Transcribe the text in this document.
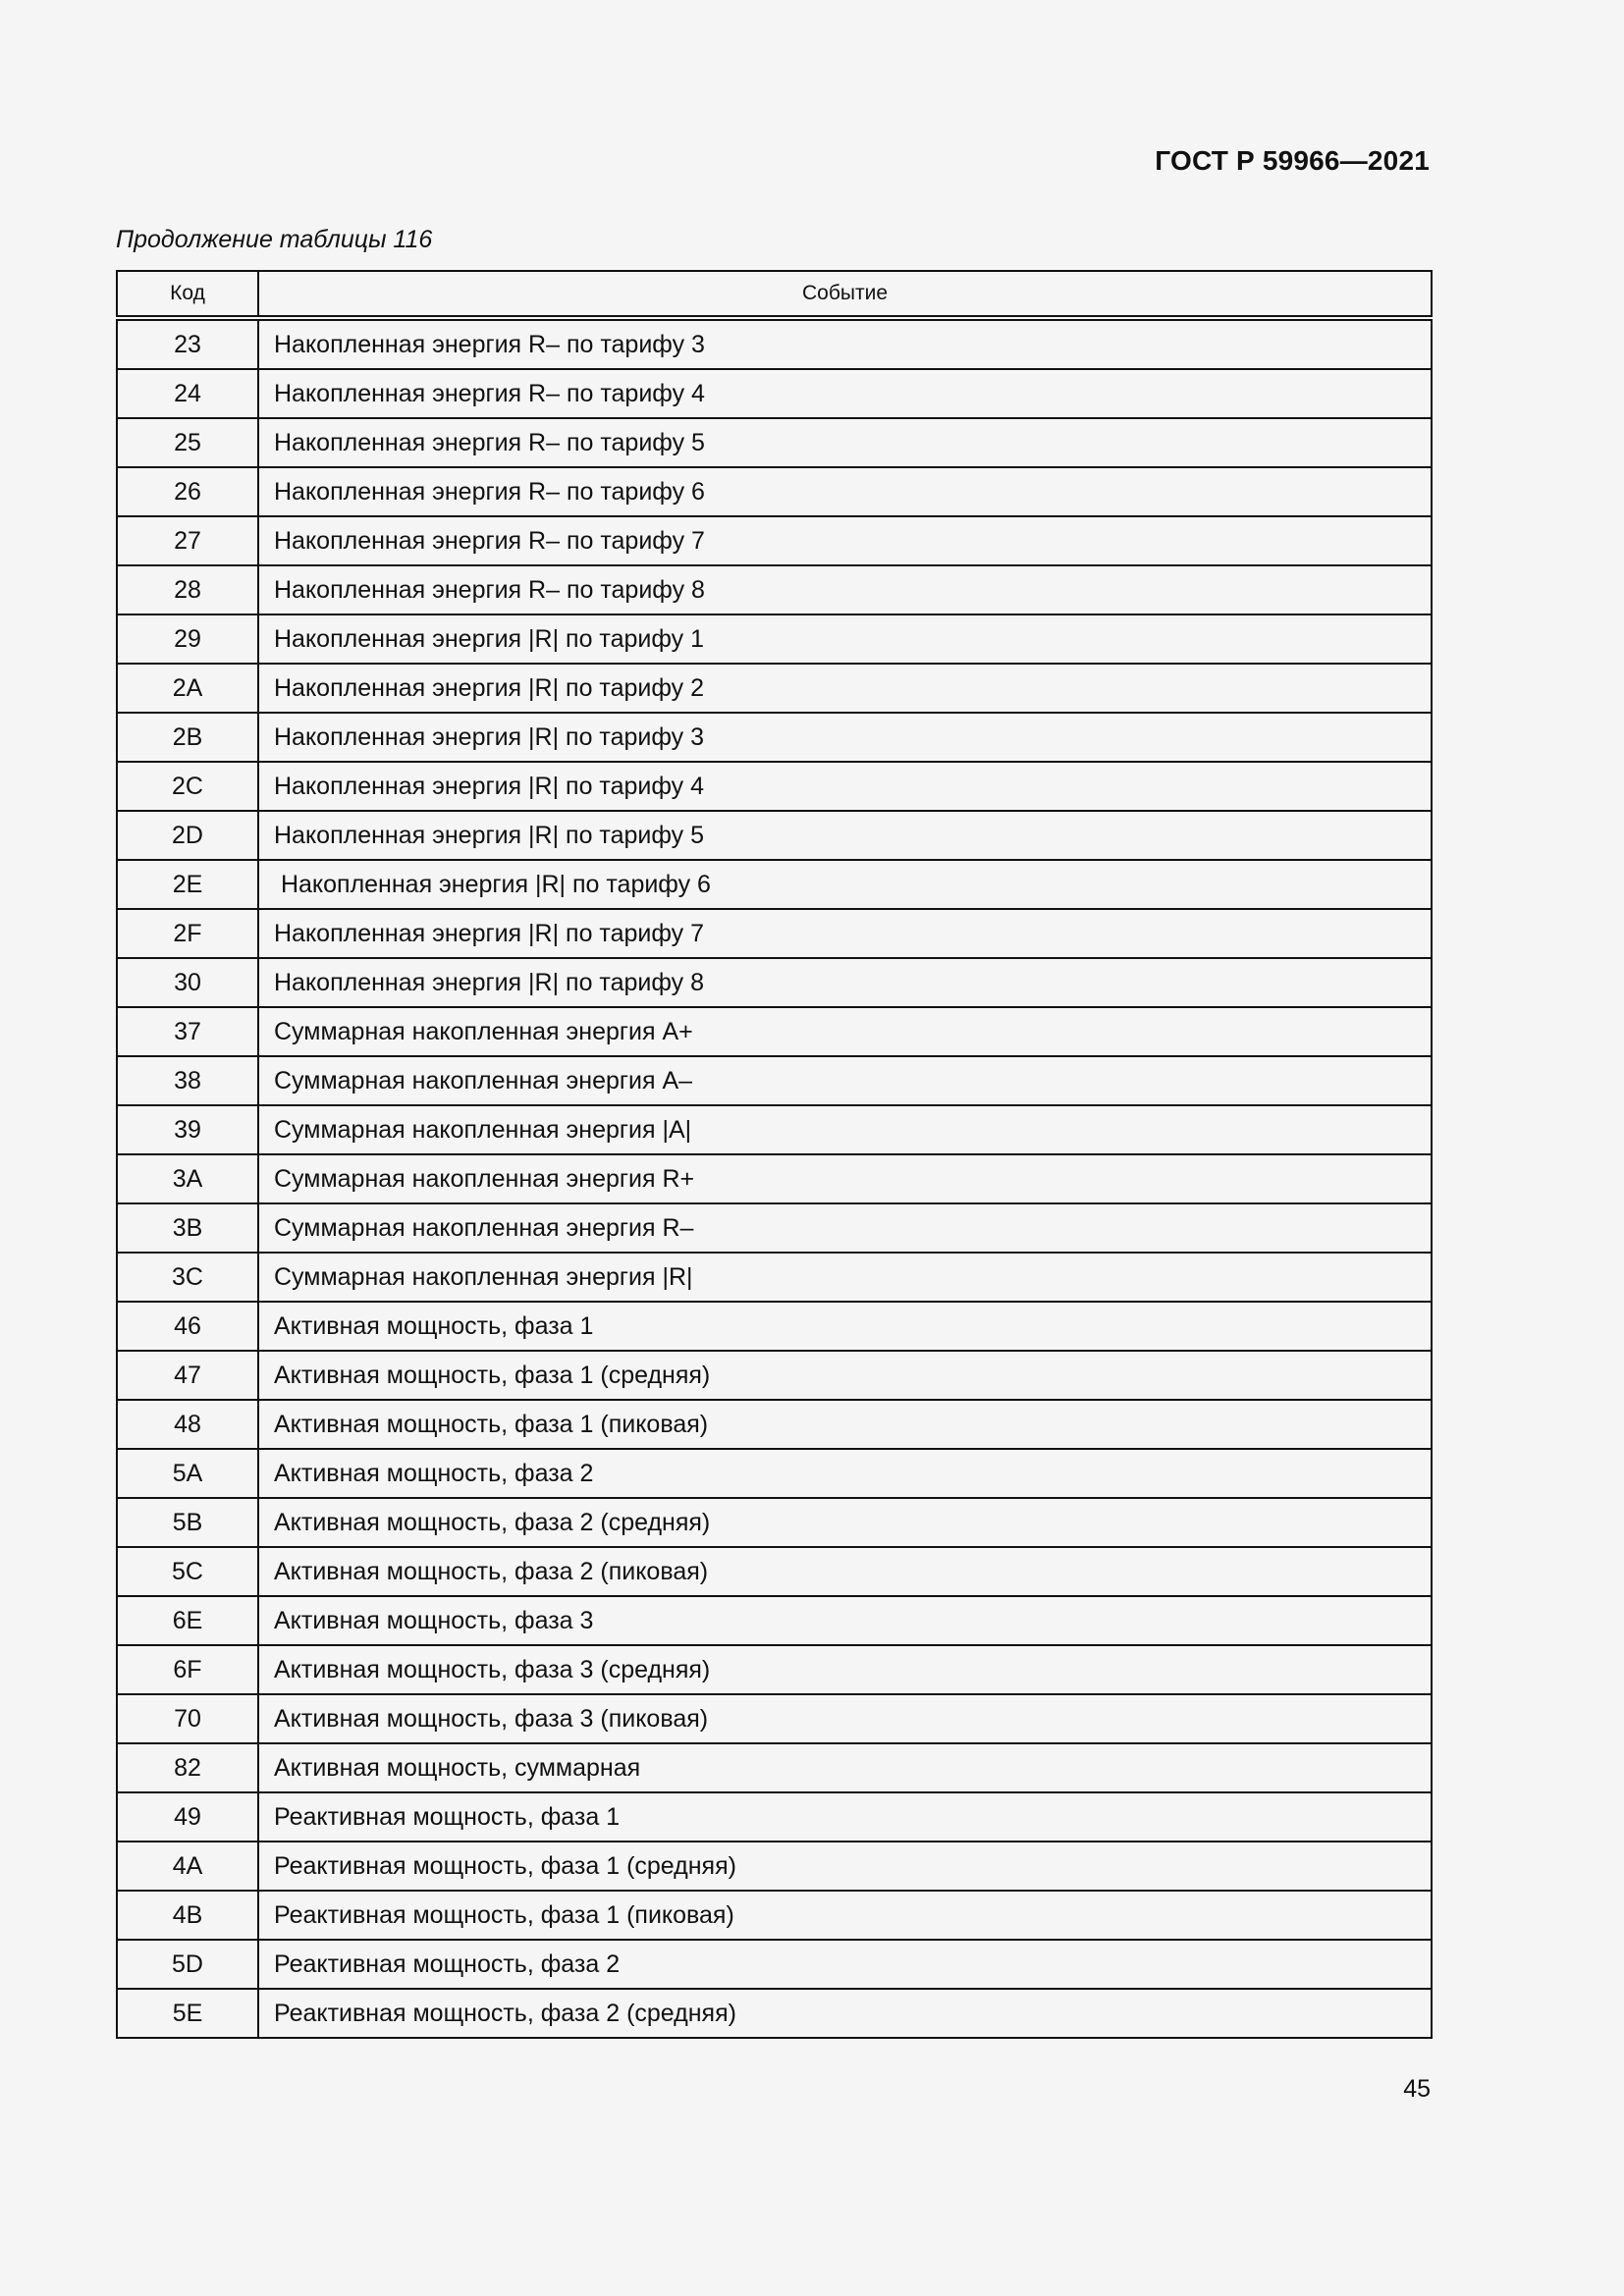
ГОСТ Р 59966—2021
Продолжение таблицы 116
Код	Событие
23	Накопленная энергия R– по тарифу 3
24	Накопленная энергия R– по тарифу 4
25	Накопленная энергия R– по тарифу 5
26	Накопленная энергия R– по тарифу 6
27	Накопленная энергия R– по тарифу 7
28	Накопленная энергия R– по тарифу 8
29	Накопленная энергия |R| по тарифу 1
2A	Накопленная энергия |R| по тарифу 2
2B	Накопленная энергия |R| по тарифу 3
2C	Накопленная энергия |R| по тарифу 4
2D	Накопленная энергия |R| по тарифу 5
2E	Накопленная энергия |R| по тарифу 6
2F	Накопленная энергия |R| по тарифу 7
30	Накопленная энергия |R| по тарифу 8
37	Суммарная накопленная энергия A+
38	Суммарная накопленная энергия A–
39	Суммарная накопленная энергия |A|
3A	Суммарная накопленная энергия R+
3B	Суммарная накопленная энергия R–
3C	Суммарная накопленная энергия |R|
46	Активная мощность, фаза 1
47	Активная мощность, фаза 1 (средняя)
48	Активная мощность, фаза 1 (пиковая)
5A	Активная мощность, фаза 2
5B	Активная мощность, фаза 2 (средняя)
5C	Активная мощность, фаза 2 (пиковая)
6E	Активная мощность, фаза 3
6F	Активная мощность, фаза 3 (средняя)
70	Активная мощность, фаза 3 (пиковая)
82	Активная мощность, суммарная
49	Реактивная мощность, фаза 1
4A	Реактивная мощность, фаза 1 (средняя)
4B	Реактивная мощность, фаза 1 (пиковая)
5D	Реактивная мощность, фаза 2
5E	Реактивная мощность, фаза 2 (средняя)
45
